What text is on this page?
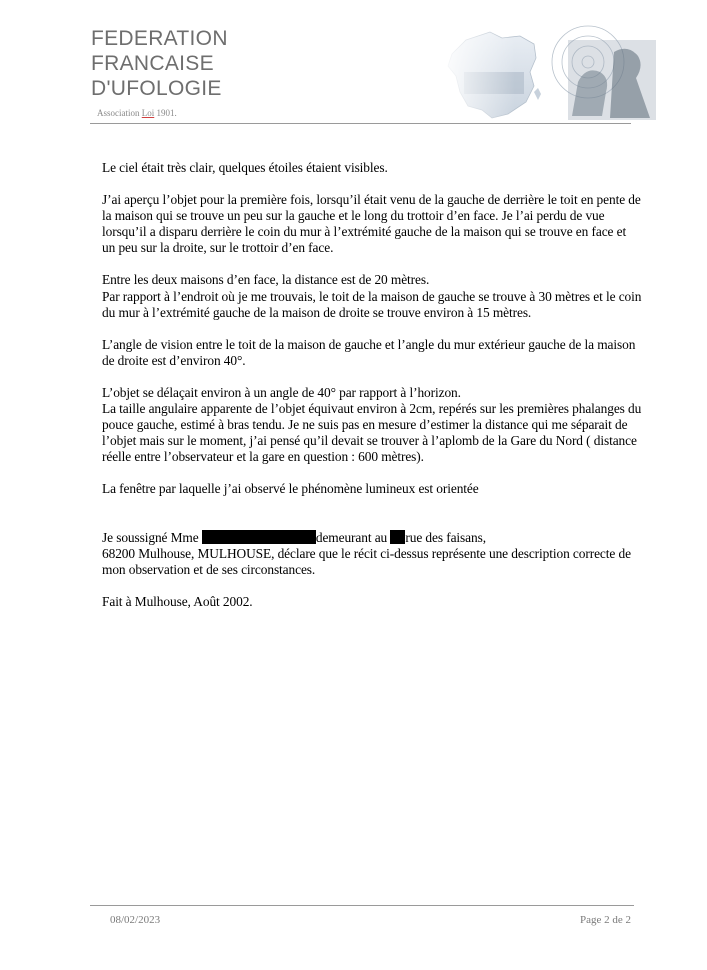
FEDERATION
FRANCAISE
D'UFOLOGIE
Association Loi 1901.

Le ciel était très clair, quelques étoiles étaient visibles.

J’ai aperçu l’objet pour la première fois, lorsqu’il était venu de la gauche de derrière le toit en pente de la maison qui se trouve un peu sur la gauche et le long du trottoir d’en face. Je l’ai perdu de vue lorsqu’il a disparu derrière le coin du mur à l’extrémité gauche de la maison qui se trouve en face et un peu sur la droite, sur le trottoir d’en face.

Entre les deux maisons d’en face, la distance est de 20 mètres.
Par rapport à l’endroit où je me trouvais, le toit de la maison de gauche se trouve à 30 mètres et le coin du mur à l’extrémité gauche de la maison de droite se trouve environ à 15 mètres.

L’angle de vision entre le toit de la maison de gauche et l’angle du mur extérieur gauche de la maison de droite est d’environ 40°.

L’objet se délaçait environ à un angle de 40° par rapport à l’horizon.
La taille angulaire apparente de l’objet équivaut environ à 2cm, repérés sur les premières phalanges du pouce gauche, estimé à bras tendu. Je ne suis pas en mesure d’estimer la distance qui me séparait de l’objet mais sur le moment, j’ai pensé qu’il devait se trouver à l’aplomb de la Gare du Nord ( distance réelle entre l’observateur et la gare en question : 600 mètres).

La fenêtre par laquelle j’ai observé le phénomène lumineux est orientée

Je soussigné Mme	demeurant au rue des faisans,
68200 Mulhouse, MULHOUSE, déclare que le récit ci-dessus représente une description correcte de mon observation et de ses circonstances.

Fait à Mulhouse, Août 2002.

08/02/2023	Page 2 de 2
